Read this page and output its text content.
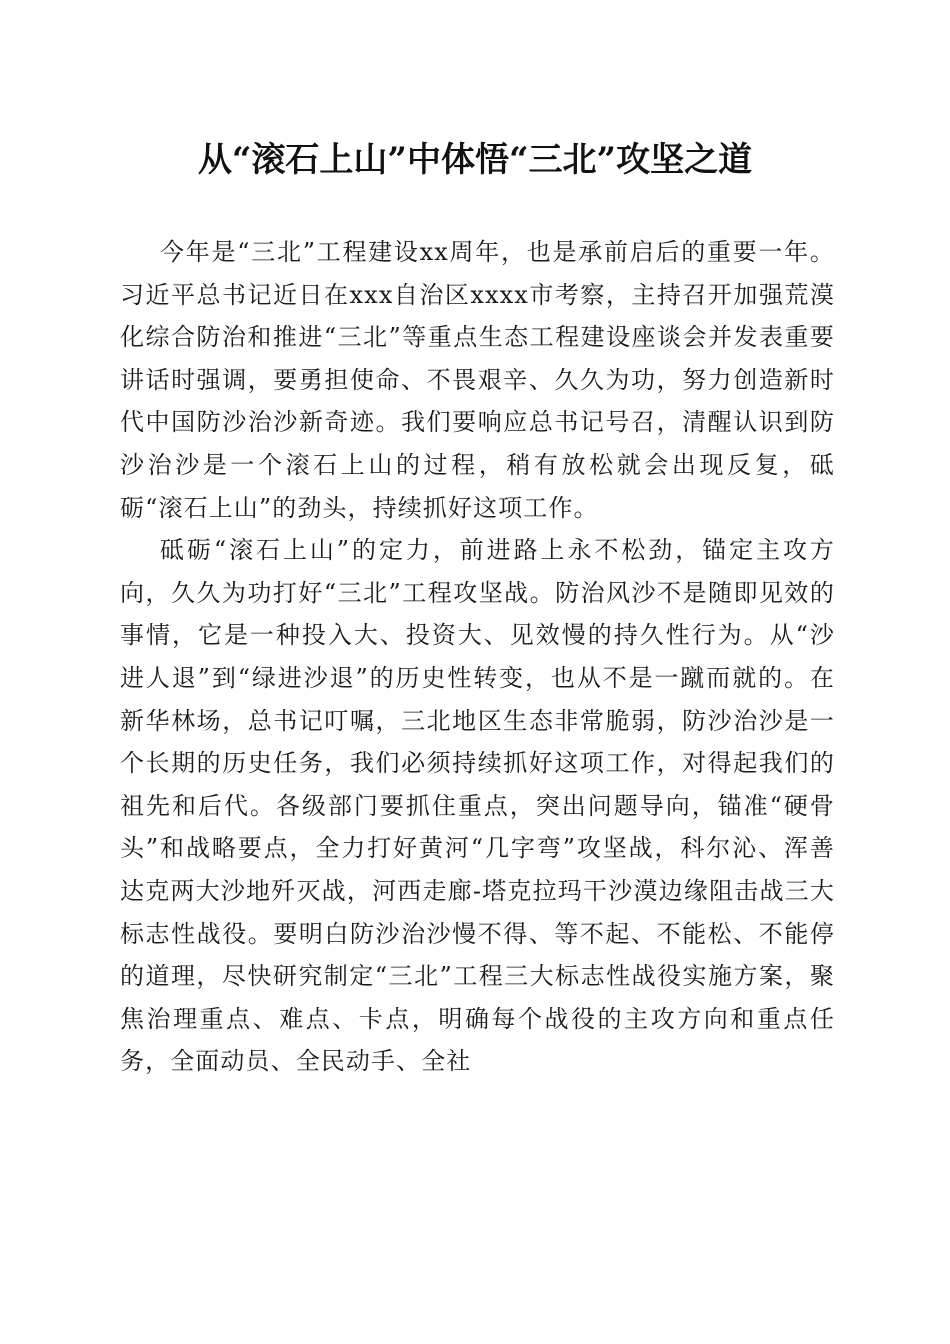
从“滚石上山”中体悟“三北”攻坚之道

今年是“三北”工程建设xx周年，也是承前启后的重要一年。习近平总书记近日在xxx自治区xxxx市考察，主持召开加强荒漠化综合防治和推进“三北”等重点生态工程建设座谈会并发表重要讲话时强调，要勇担使命、不畏艰辛、久久为功，努力创造新时代中国防沙治沙新奇迹。我们要响应总书记号召，清醒认识到防沙治沙是一个滚石上山的过程，稍有放松就会出现反复，砥砺“滚石上山”的劲头，持续抓好这项工作。

砥砺“滚石上山”的定力，前进路上永不松劲，锚定主攻方向，久久为功打好“三北”工程攻坚战。防治风沙不是随即见效的事情，它是一种投入大、投资大、见效慢的持久性行为。从“沙进人退”到“绿进沙退”的历史性转变，也从不是一蹴而就的。在新华林场，总书记叮嘱，三北地区生态非常脆弱，防沙治沙是一个长期的历史任务，我们必须持续抓好这项工作，对得起我们的祖先和后代。各级部门要抓住重点，突出问题导向，锚准“硬骨头”和战略要点，全力打好黄河“几字弯”攻坚战，科尔沁、浑善达克两大沙地歼灭战，河西走廊-塔克拉玛干沙漠边缘阻击战三大标志性战役。要明白防沙治沙慢不得、等不起、不能松、不能停的道理，尽快研究制定“三北”工程三大标志性战役实施方案，聚焦治理重点、难点、卡点，明确每个战役的主攻方向和重点任务，全面动员、全民动手、全社
